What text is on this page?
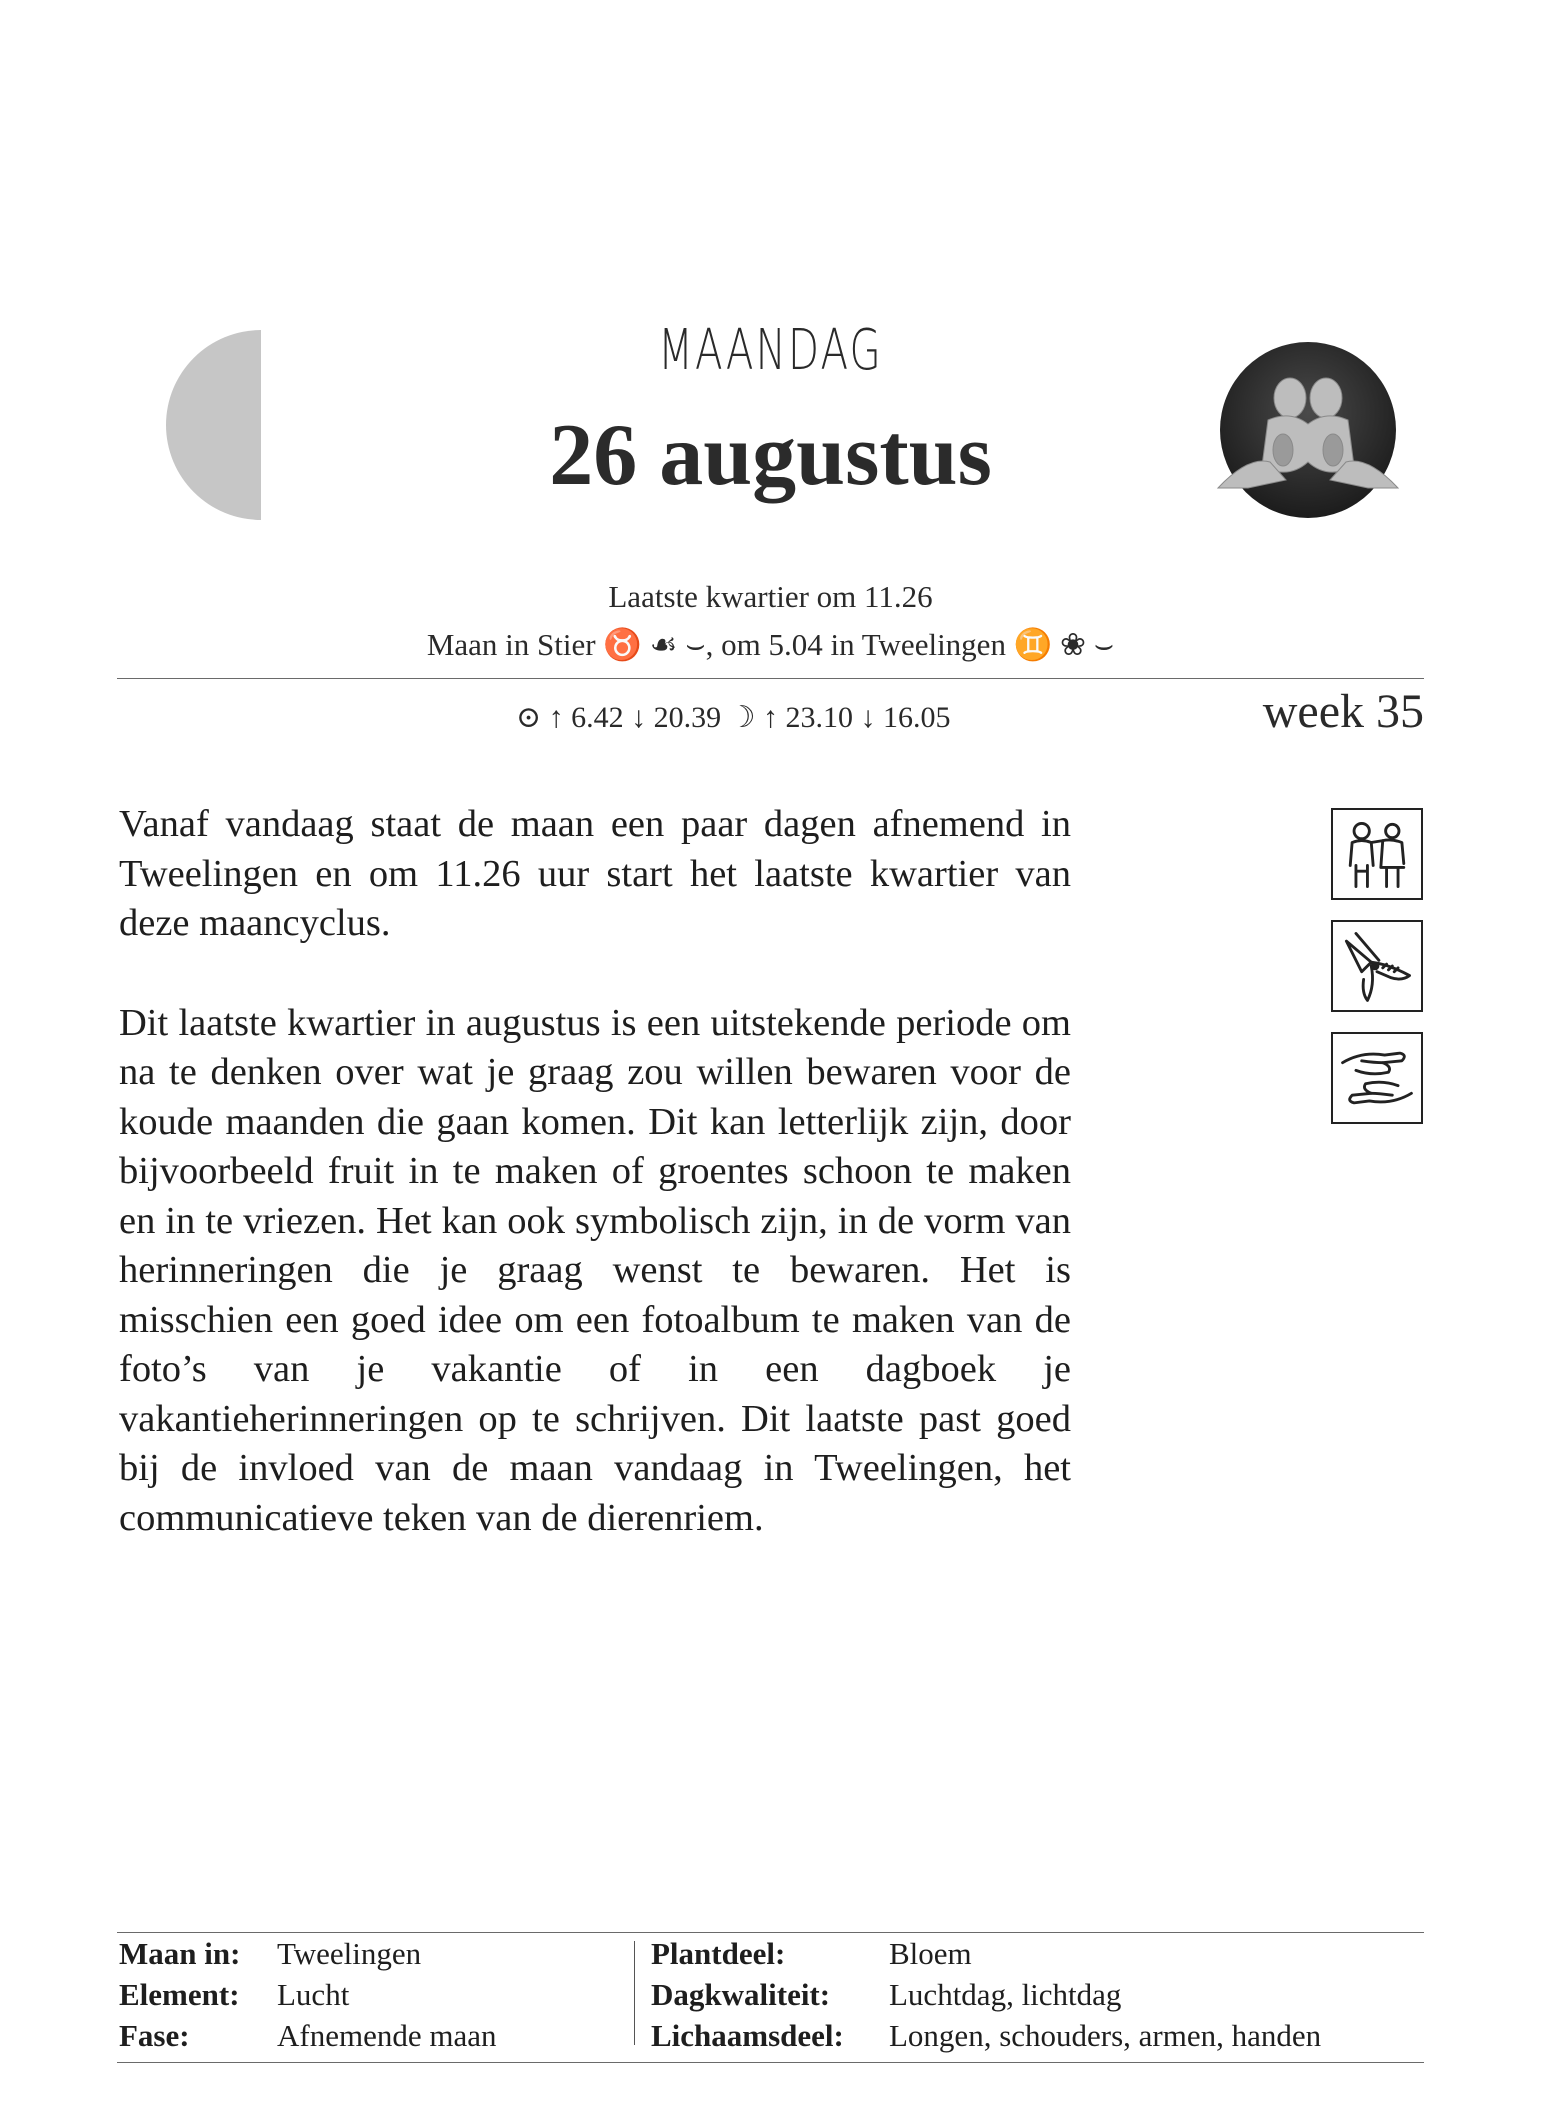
MAANDAG
26 augustus
Laatste kwartier om 11.26
Maan in Stier ♉ ☙ ⌣, om 5.04 in Tweelingen ♊ ❀ ⌣
⊙ ↑ 6.42 ↓ 20.39 ☽ ↑ 23.10 ↓ 16.05	week 35

Vanaf vandaag staat de maan een paar dagen afnemend in Tweelingen en om 11.26 uur start het laatste kwartier van deze maancyclus.

Dit laatste kwartier in augustus is een uitstekende periode om na te denken over wat je graag zou willen bewaren voor de koude maanden die gaan komen. Dit kan letterlijk zijn, door bijvoorbeeld fruit in te maken of groentes schoon te maken en in te vriezen. Het kan ook symbolisch zijn, in de vorm van herinneringen die je graag wenst te bewaren. Het is misschien een goed idee om een fotoalbum te maken van de foto’s van je vakantie of in een dagboek je vakantieherinneringen op te schrijven. Dit laatste past goed bij de invloed van de maan vandaag in Tweelingen, het communicatieve teken van de dierenriem.

Maan in: Tweelingen
Element: Lucht
Fase:	Afnemende maan
Plantdeel:	Bloem
Dagkwaliteit: Luchtdag, lichtdag
Lichaamsdeel: Longen, schouders, armen, handen
